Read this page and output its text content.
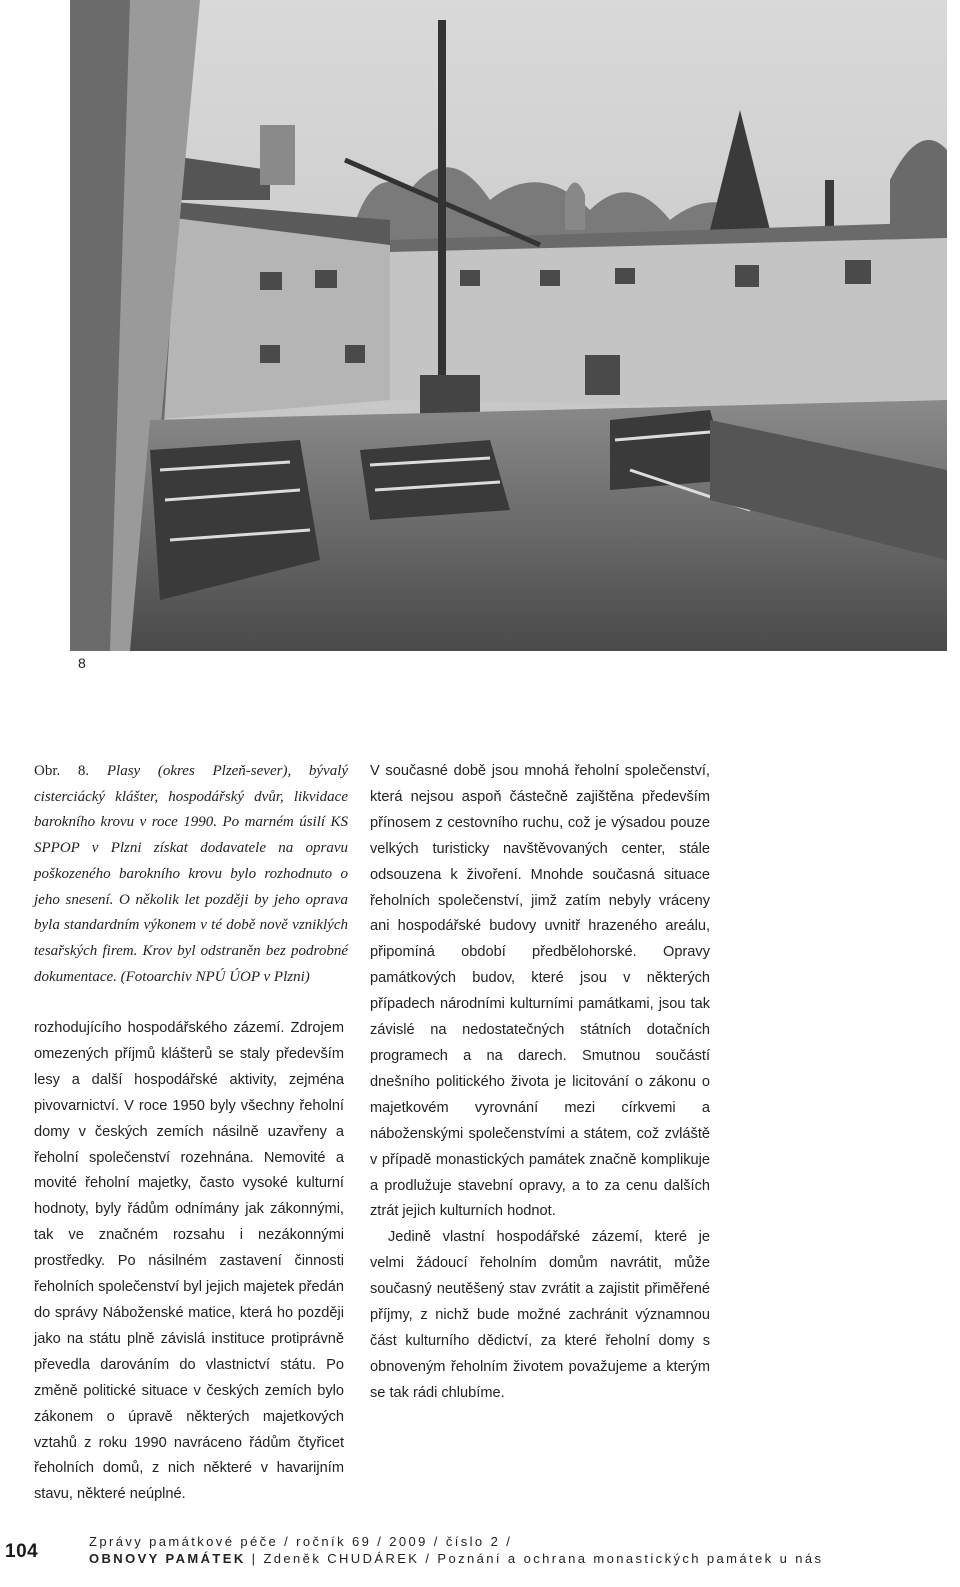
8
Obr. 8. Plasy (okres Plzeň-sever), bývalý cisterciácký klášter, hospodářský dvůr, likvidace barokního krovu v roce 1990. Po marném úsilí KS SPPOP v Plzni získat dodavatele na opravu poškozeného barokního krovu bylo rozhodnuto o jeho snesení. O několik let později by jeho oprava byla standardním výkonem v té době nově vzniklých tesařských firem. Krov byl odstraněn bez podrobné dokumentace. (Fotoarchiv NPÚ ÚOP v Plzni)

rozhodujícího hospodářského zázemí. Zdrojem omezených příjmů klášterů se staly především lesy a další hospodářské aktivity, zejména pivovarnictví. V roce 1950 byly všechny řeholní domy v českých zemích násilně uzavřeny a řeholní společenství rozehnána. Nemovité a movité řeholní majetky, často vysoké kulturní hodnoty, byly řádům odnímány jak zákonnými, tak ve značném rozsahu i nezákonnými prostředky. Po násilném zastavení činnosti řeholních společenství byl jejich majetek předán do správy Náboženské matice, která ho později jako na státu plně závislá instituce protiprávně převedla darováním do vlastnictví státu. Po změně politické situace v českých zemích bylo zákonem o úpravě některých majetkových vztahů z roku 1990 navráceno řádům čtyřicet řeholních domů, z nich některé v havarijním stavu, některé neúplné.

V současné době jsou mnohá řeholní společenství, která nejsou aspoň částečně zajištěna především přínosem z cestovního ruchu, což je výsadou pouze velkých turisticky navštěvovaných center, stále odsouzena k živoření. Mnohde současná situace řeholních společenství, jimž zatím nebyly vráceny ani hospodářské budovy uvnitř hrazeného areálu, připomíná období předbělohorské. Opravy památkových budov, které jsou v některých případech národními kulturními památkami, jsou tak závislé na nedostatečných státních dotačních programech a na darech. Smutnou součástí dnešního politického života je licitování o zákonu o majetkovém vyrovnání mezi církvemi a náboženskými společenstvími a státem, což zvláště v případě monastických památek značně komplikuje a prodlužuje stavební opravy, a to za cenu dalších ztrát jejich kulturních hodnot.

Jedině vlastní hospodářské zázemí, které je velmi žádoucí řeholním domům navrátit, může současný neutěšený stav zvrátit a zajistit přiměřené příjmy, z nichž bude možné zachránit významnou část kulturního dědictví, za které řeholní domy s obnoveným řeholním životem považujeme a kterým se tak rádi chlubíme.

104	Zprávy památkové péče / ročník 69 / 2009 / číslo 2 /
OBNOVY PAMÁTEK | Zdeněk CHUDÁREK / Poznání a ochrana monastických památek u nás
